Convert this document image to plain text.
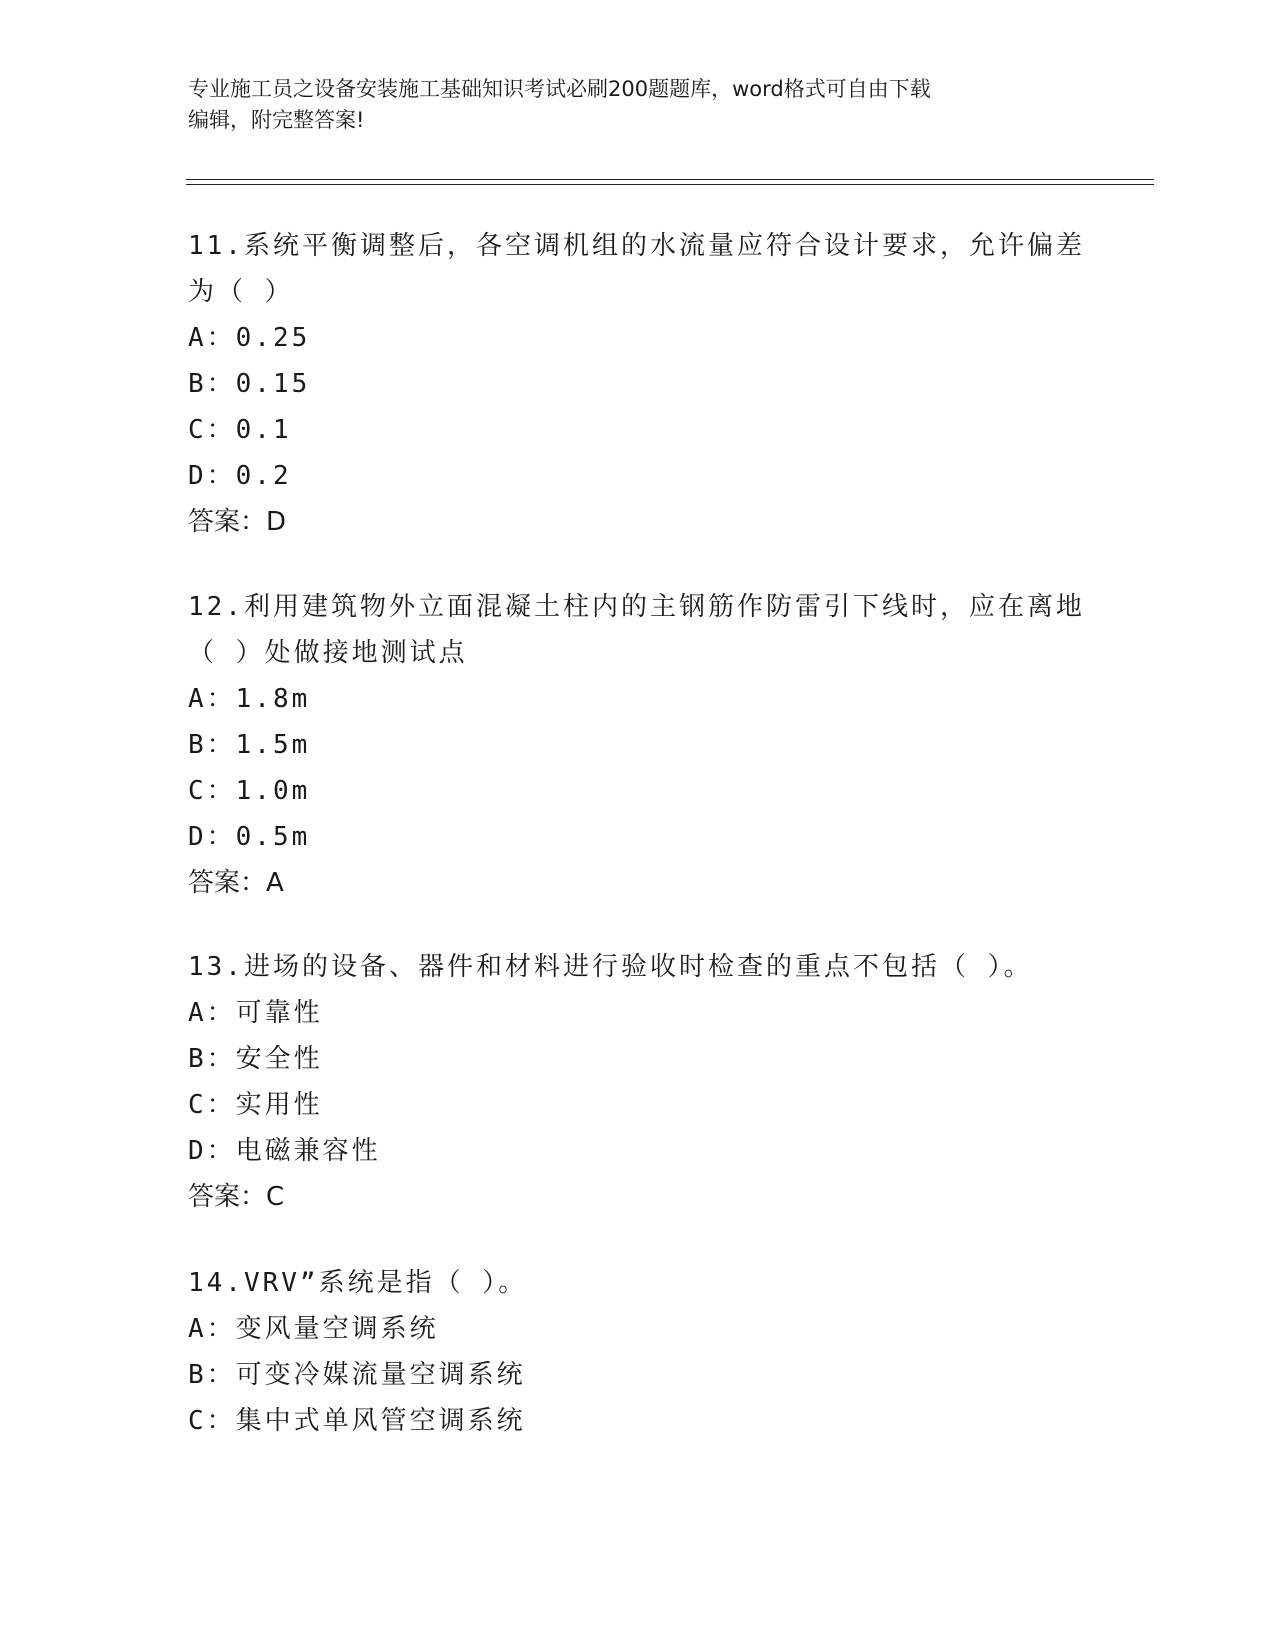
专业施工员之设备安装施工基础知识考试必刷200题题库，word格式可自由下载
编辑，附完整答案!
11.系统平衡调整后，各空调机组的水流量应符合设计要求，允许偏差
为（ ）
A：0.25
B：0.15
C：0.1
D：0.2
答案：D
12.利用建筑物外立面混凝土柱内的主钢筋作防雷引下线时，应在离地
（ ）处做接地测试点
A：1.8m
B：1.5m
C：1.0m
D：0.5m
答案：A
13.进场的设备、器件和材料进行验收时检查的重点不包括（ ）。
A：可靠性
B：安全性
C：实用性
D：电磁兼容性
答案：C
14.VRV”系统是指（ ）。
A：变风量空调系统
B：可变冷媒流量空调系统
C：集中式单风管空调系统
